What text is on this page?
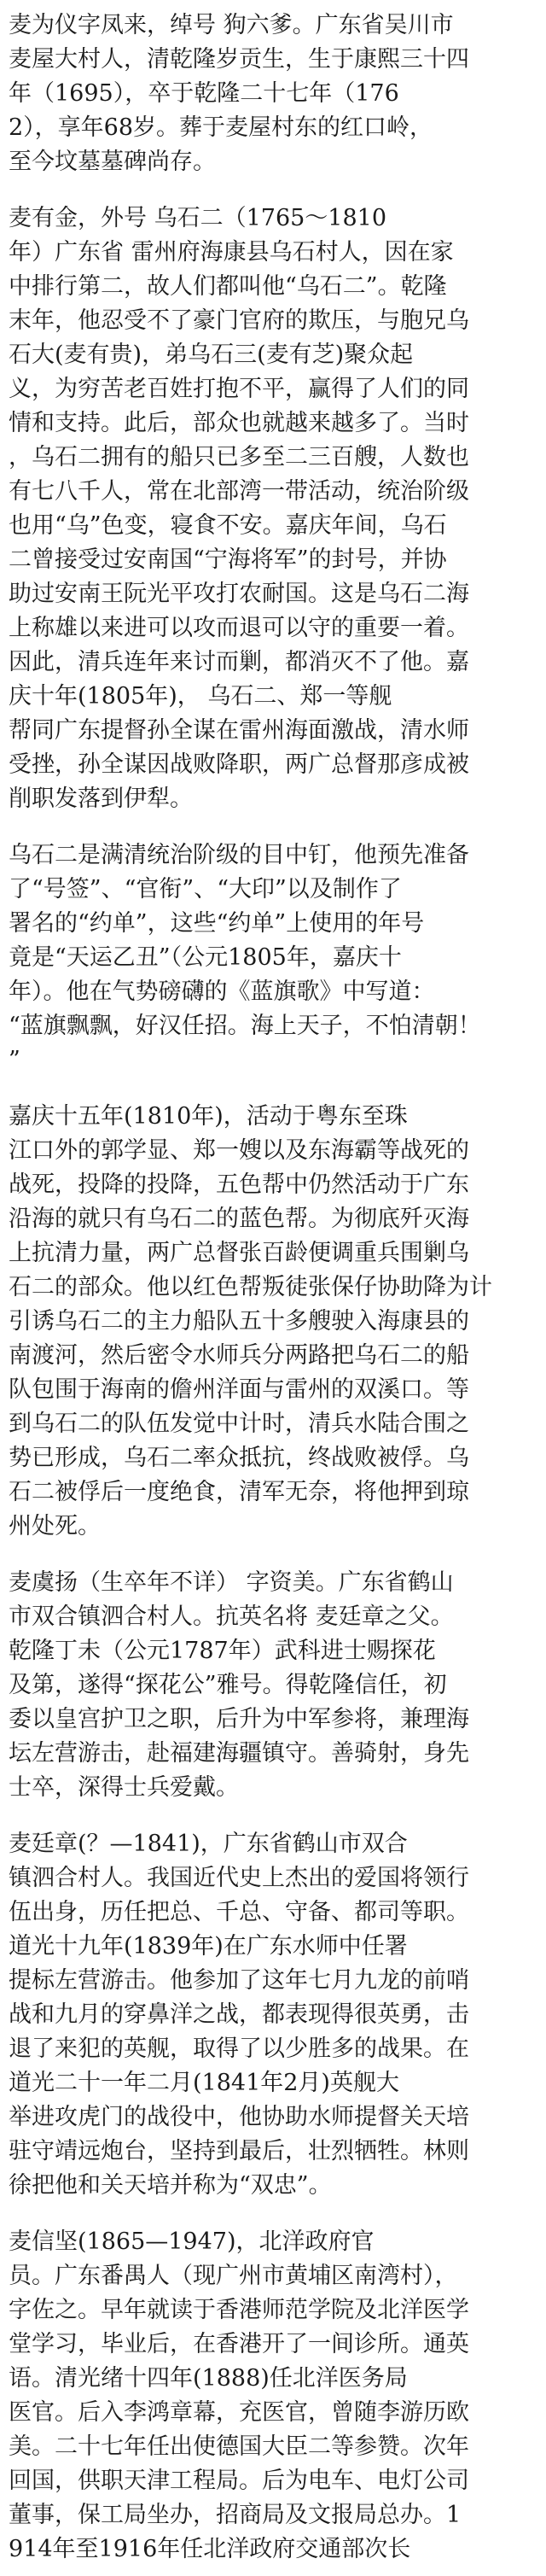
麦为仪字凤来，绰号 狗六爹。广东省吴川市
麦屋大村人，清乾隆岁贡生，生于康熙三十四
年（1695），卒于乾隆二十七年（176
2），享年68岁。葬于麦屋村东的红口岭，
至今坟墓墓碑尚存。
麦有金，外号 乌石二（1765～1810
年）广东省 雷州府海康县乌石村人，因在家
中排行第二，故人们都叫他“乌石二”。乾隆
末年，他忍受不了豪门官府的欺压，与胞兄乌
石大(麦有贵)，弟乌石三(麦有芝)聚众起
义，为穷苦老百姓打抱不平，赢得了人们的同
情和支持。此后，部众也就越来越多了。当时
，乌石二拥有的船只已多至二三百艘，人数也
有七八千人，常在北部湾一带活动，统治阶级
也用“乌”色变，寝食不安。嘉庆年间，乌石
二曾接受过安南国“宁海将军”的封号，并协
助过安南王阮光平攻打农耐国。这是乌石二海
上称雄以来进可以攻而退可以守的重要一着。
因此，清兵连年来讨而剿，都消灭不了他。嘉
庆十年(1805年)， 乌石二、郑一等舰
帮同广东提督孙全谋在雷州海面激战，清水师
受挫，孙全谋因战败降职，两广总督那彦成被
削职发落到伊犁。
乌石二是满清统治阶级的目中钉，他预先准备
了“号签”、“官衔”、“大印”以及制作了
署名的“约单”，这些“约单”上使用的年号
竟是“天运乙丑”（公元1805年，嘉庆十
年）。他在气势磅礴的《蓝旗歌》中写道：
“蓝旗飘飘，好汉任招。海上天子，不怕清朝！
”
嘉庆十五年(1810年)，活动于粤东至珠
江口外的郭学显、郑一嫂以及东海霸等战死的
战死，投降的投降，五色帮中仍然活动于广东
沿海的就只有乌石二的蓝色帮。为彻底歼灭海
上抗清力量，两广总督张百龄便调重兵围剿乌
石二的部众。他以红色帮叛徒张保仔协助降为计
引诱乌石二的主力船队五十多艘驶入海康县的
南渡河，然后密令水师兵分两路把乌石二的船
队包围于海南的儋州洋面与雷州的双溪口。等
到乌石二的队伍发觉中计时，清兵水陆合围之
势已形成，乌石二率众抵抗，终战败被俘。乌
石二被俘后一度绝食，清军无奈，将他押到琼
州处死。
麦虞扬（生卒年不详） 字资美。广东省鹤山
市双合镇泗合村人。抗英名将 麦廷章之父。
乾隆丁未（公元1787年）武科进士赐探花
及第，遂得“探花公”雅号。得乾隆信任，初
委以皇宫护卫之职，后升为中军参将，兼理海
坛左营游击，赴福建海疆镇守。善骑射，身先
士卒，深得士兵爱戴。
麦廷章(？—1841)，广东省鹤山市双合
镇泗合村人。我国近代史上杰出的爱国将领行
伍出身，历任把总、千总、守备、都司等职。
道光十九年(1839年)在广东水师中任署
提标左营游击。他参加了这年七月九龙的前哨
战和九月的穿鼻洋之战，都表现得很英勇，击
退了来犯的英舰，取得了以少胜多的战果。在
道光二十一年二月(1841年2月)英舰大
举进攻虎门的战役中，他协助水师提督关天培
驻守靖远炮台，坚持到最后，壮烈牺牲。林则
徐把他和关天培并称为“双忠”。
麦信坚(1865—1947)，北洋政府官
员。广东番禺人（现广州市黄埔区南湾村），
字佐之。早年就读于香港师范学院及北洋医学
堂学习，毕业后，在香港开了一间诊所。通英
语。清光绪十四年(1888)任北洋医务局
医官。后入李鸿章幕，充医官，曾随李游历欧
美。二十七年任出使德国大臣二等参赞。次年
回国，供职天津工程局。后为电车、电灯公司
董事，保工局坐办，招商局及文报局总办。1
914年至1916年任北洋政府交通部次长
